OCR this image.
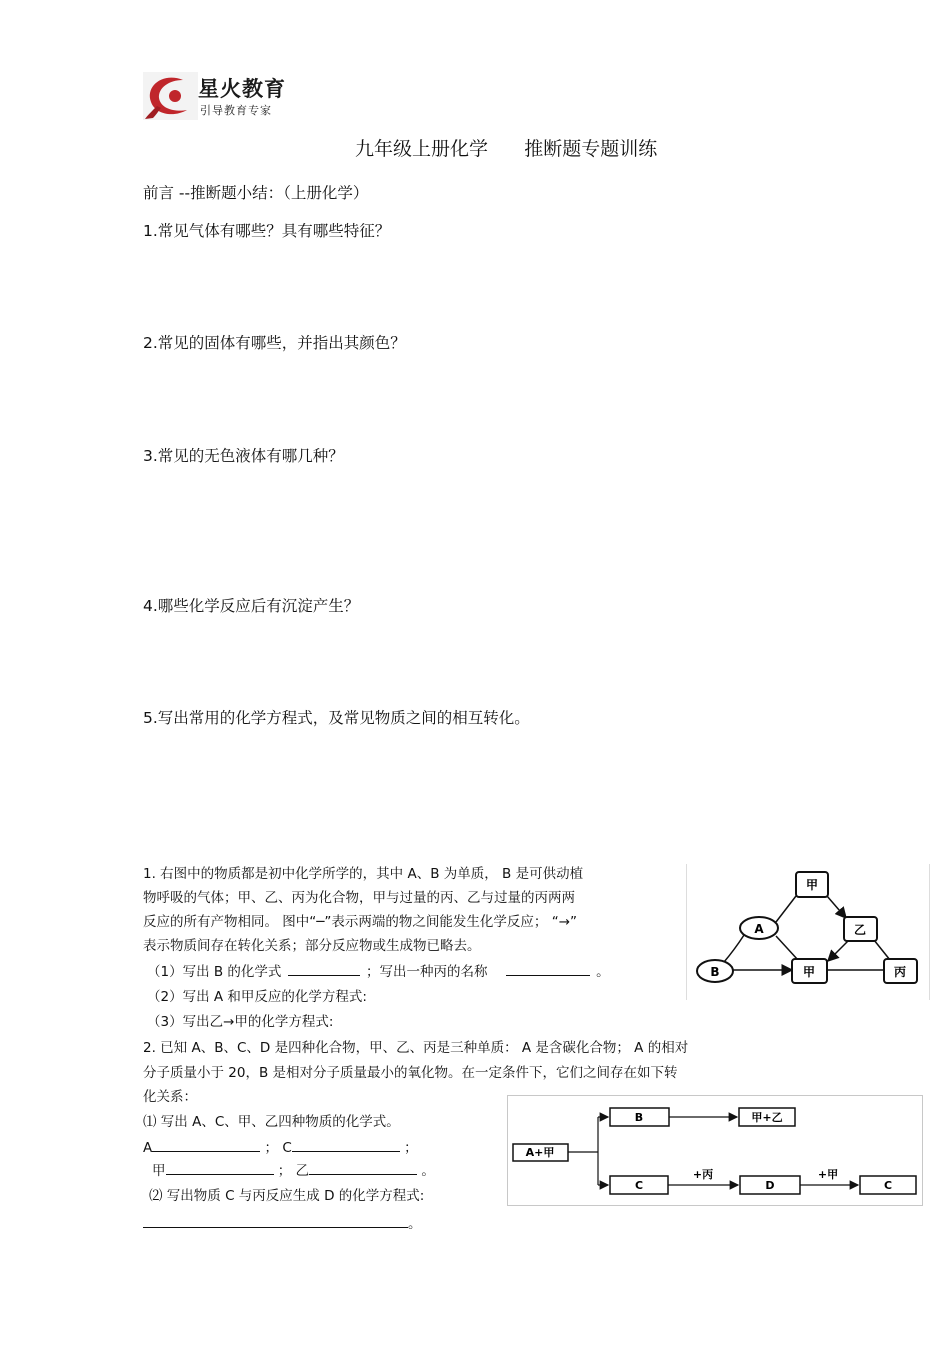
星火教育
引导教育专家
九年级上册化学      推断题专题训练
前言 --推断题小结：（上册化学）
1.常见气体有哪些？具有哪些特征？
2.常见的固体有哪些，并指出其颜色？
3.常见的无色液体有哪几种？
4.哪些化学反应后有沉淀产生？
5.写出常用的化学方程式，及常见物质之间的相互转化。
1. 右图中的物质都是初中化学所学的，其中 A、B 为单质， B 是可供动植
物呼吸的气体；甲、乙、丙为化合物，甲与过量的丙、乙与过量的丙两两
反应的所有产物相同。 图中“─”表示两端的物之间能发生化学反应； “→”
表示物质间存在转化关系；部分反应物或生成物已略去。
（1）写出 B 的化学式	；写出一种丙的名称	。
（2）写出 A 和甲反应的化学方程式:
（3）写出乙→甲的化学方程式:
甲
A	乙
B	甲	丙
2. 已知 A、B、C、D 是四种化合物，甲、乙、丙是三种单质： A 是含碳化合物； A 的相对
分子质量小于 20，B 是相对分子质量最小的氧化物。在一定条件下，它们之间存在如下转
化关系：
⑴ 写出 A、C、甲、乙四种物质的化学式。
A	； C	；
甲	； 乙	。
⑵ 写出物质 C 与丙反应生成 D 的化学方程式:
。
A+甲
B	甲+乙
C
+丙
D
+甲
C
